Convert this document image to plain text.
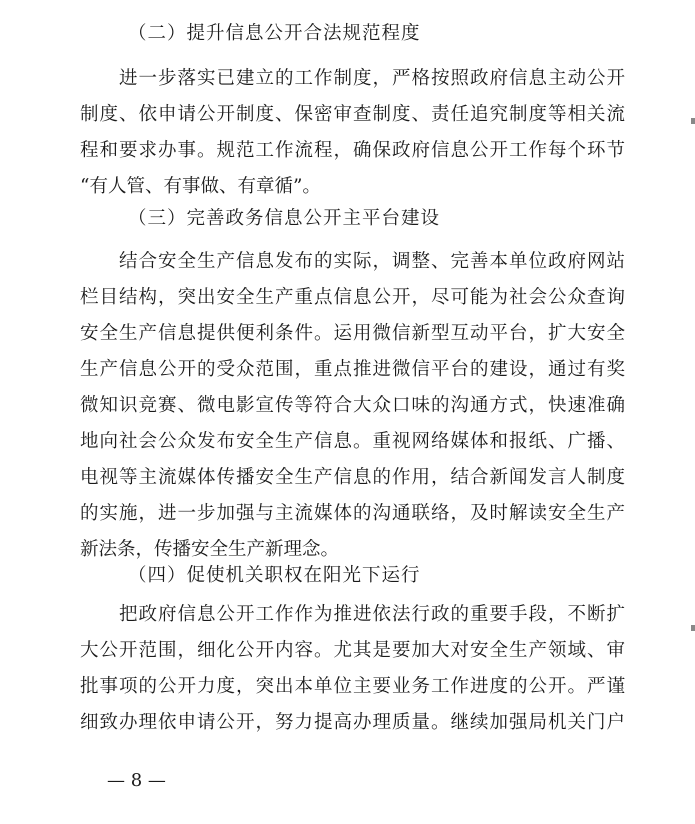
（二）提升信息公开合法规范程度
进一步落实已建立的工作制度，严格按照政府信息主动公开
制度、依申请公开制度、保密审查制度、责任追究制度等相关流
程和要求办事。规范工作流程，确保政府信息公开工作每个环节
“有人管、有事做、有章循”。
（三）完善政务信息公开主平台建设
结合安全生产信息发布的实际，调整、完善本单位政府网站
栏目结构，突出安全生产重点信息公开，尽可能为社会公众查询
安全生产信息提供便利条件。运用微信新型互动平台，扩大安全
生产信息公开的受众范围，重点推进微信平台的建设，通过有奖
微知识竞赛、微电影宣传等符合大众口味的沟通方式，快速准确
地向社会公众发布安全生产信息。重视网络媒体和报纸、广播、
电视等主流媒体传播安全生产信息的作用，结合新闻发言人制度
的实施，进一步加强与主流媒体的沟通联络，及时解读安全生产
新法条，传播安全生产新理念。
（四）促使机关职权在阳光下运行
把政府信息公开工作作为推进依法行政的重要手段，不断扩
大公开范围，细化公开内容。尤其是要加大对安全生产领域、审
批事项的公开力度，突出本单位主要业务工作进度的公开。严谨
细致办理依申请公开，努力提高办理质量。继续加强局机关门户
— 8 —
